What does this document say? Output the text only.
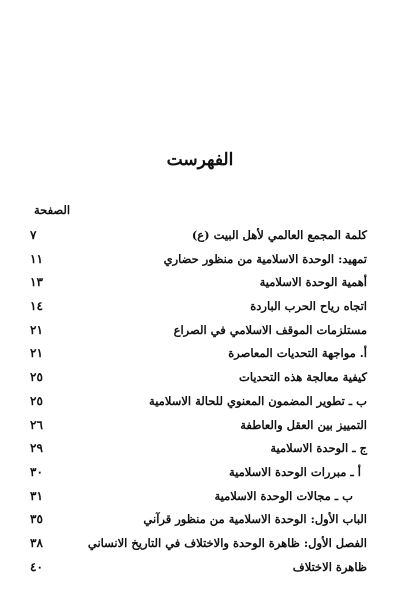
الفهرست
الصفحة
٧	كلمة المجمع العالمي لأهل البيت (ع)
١١	تمهيد: الوحدة الاسلامية من منظور حضاري
١٣	أهمية الوحدة الاسلامية
١٤	اتجاه رياح الحرب الباردة
٢١	مستلزمات الموقف الاسلامي في الصراع
٢١	أ. مواجهة التحديات المعاصرة
٢٥	كيفية معالجة هذه التحديات
٢٥	ب ـ تطوير المضمون المعنوي للحالة الاسلامية
٢٦	التمييز بين العقل والعاطفة
٢٩	ج ـ الوحدة الاسلامية
٣٠	أ ـ مبررات الوحدة الاسلامية
٣١	ب ـ مجالات الوحدة الاسلامية
٣٥	الباب الأول: الوحدة الاسلامية من منظور قرآني
٣٨	الفصل الأول: ظاهرة الوحدة والاختلاف في التاريخ الانساني
٤٠	ظاهرة الاختلاف
